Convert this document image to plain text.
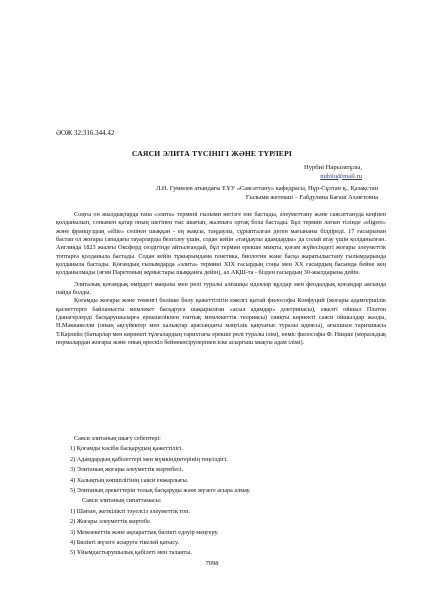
ӘОЖ 32:316.344.42
САЯСИ ЭЛИТА ТҮСІНІГІ ЖӘНЕ ТҮРЛЕРІ
Нурбиі Нарызатұлы,
nubiiu@mail.ru
Л.Н. Гумилев атындағы ЕҰУ «Саясаттану» кафедрасы, Нұр-Сұлтан қ., Қазақстан
Ғылыми жетекші – Ғабдулина Бағаш Ахметовна

Соңғы он жылдықтарда ғана «элита» термині ғылыми негізге ене бастады, әлеуметтану және саясаттануда кеңінен қолданылып, сонымен қатар оның шегінен тыс шығып, жалпыға ортақ бола бастады. Бұл термин латын тілінде «eligere» және француздың «elite» сөзінен шыққан - ең жақсы, таңдаулы, сұрыпталған деген мағынаны білдіреді. 17 ғасырынан бастап ол жоғары сападағы тауарларды белгілеу үшін, содан кейін «таңдаулы адамдарды» да солай атау үшін қолданылған. Англияда 1823 жылғы Оксфорд сөздігінде айтылғандай, бұл термин ерекше мықты, қоғам жүйесіндегі жоғары әлеуметтік топтарға қолданыла бастады. Содан кейін тұжырымдама генетика, биология және басқа жаратылыстану ғылымдарында қолданыла бастады. Қоғамдық ғылымдарда «элита» термині XIX ғасырдың соңы мен XX ғасырдың басында бейне кең қолданылмады (яғни Паретоның жұмыстары шыққанға дейін), ал АҚШ-та - бізден ғасырдың 30-жылдарына дейін.

Элиталық қоғамдық өмірдегі маңызы мен рөлі туралы алғашқы идеялар құлдар мен феодалдық қоғамдар аясында пайда болды.

Қоғамды жоғары және төменгі бөлікке бөлу қажеттілігін ежелгі қытай философы Конфуций (жоғары адамгершілік қасиеттерге байланысты мемлекет басқаруға шақырылған «асыл адамдар» доктринасы), ежелгі ойшыл Платон (данагерлерді басқарушыларға ерекшелікпен таптық мемлекеттік теориясы) сияқты көрнекті саяси ойшылдар жазды, Н.Макиавелли (оның ақсүйектер мен халықтар арасындағы мәңгілік қақтығыс туралы идеясы), ағылшын тарихшысы Т.Карлейл (батырлар мен көрнекті тұлғалардың тарихтағы ерекше рөлі туралы ілім), неміс философы Ф. Ницше (моральдық нормалардан жоғары және оның өрескіл бейнекөсірулерінен іске асырғыш мықты адам ілімі).

Саяси элитаның шығу себептері:
1) Қоғамды кәсіби басқарудың қажеттілігі.
2) Адамдардың қабілеттері мен мүмкіндіктерінің теңсіздігі.
3) Элитаның жоғары әлеуметтік мәртебесі.
4) Халықтың көпшілігінің саяси енжарлығы.
5) Элитаның әрекеттерін толық басқаруды және жүзеге асыра алмау.
Саяси элитаның сипаттамасы:
1) Шағын, жеткілікті тәуелсіз әлеуметтік топ.
2) Жоғары әлеуметтік мәртебе.
3) Мемлекеттік және ақпараттық билікті едәуір меңгеру.
4) Билікті жүзеге асыруға тікелей қатысу.
5) Ұйымдастырушылық қабілеті мен таланты.
7098
